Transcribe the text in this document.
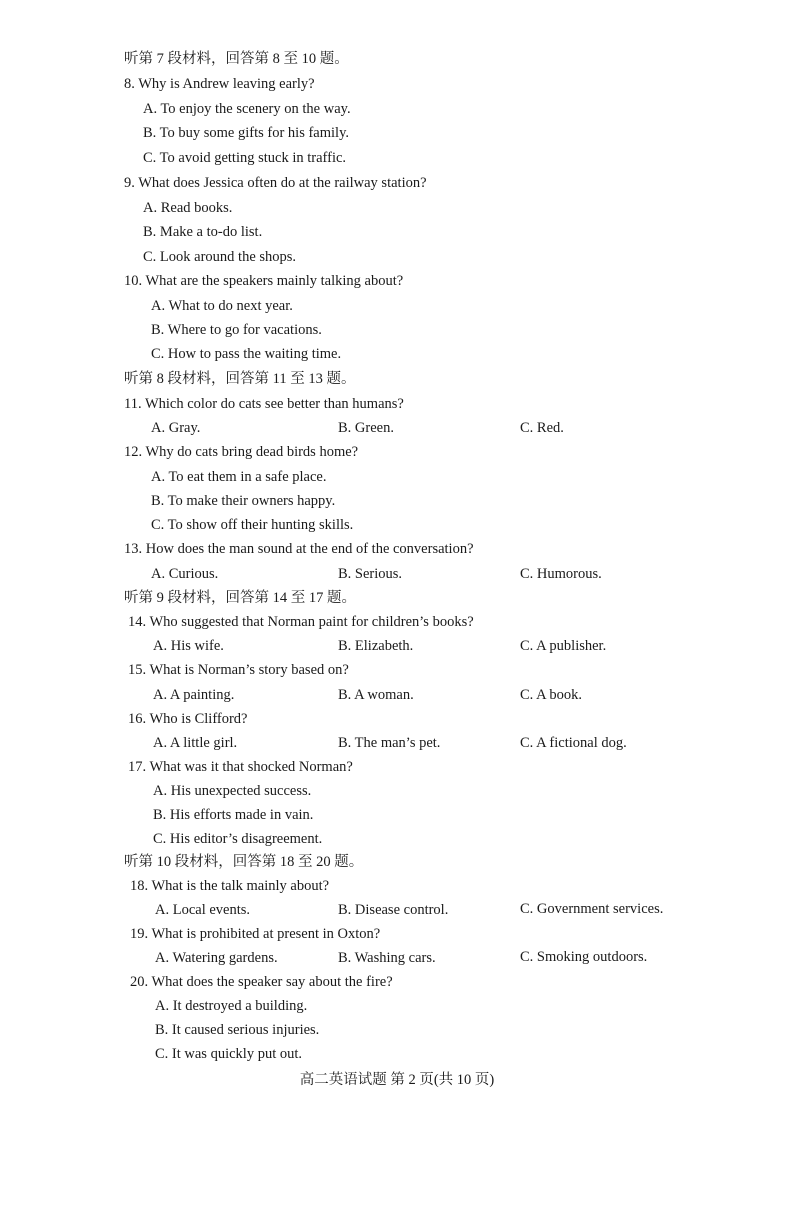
听第 7 段材料，回答第 8 至 10 题。
8. Why is Andrew leaving early?
A. To enjoy the scenery on the way.
B. To buy some gifts for his family.
C. To avoid getting stuck in traffic.
9. What does Jessica often do at the railway station?
A. Read books.
B. Make a to-do list.
C. Look around the shops.
10. What are the speakers mainly talking about?
A. What to do next year.
B. Where to go for vacations.
C. How to pass the waiting time.
听第 8 段材料，回答第 11 至 13 题。
11. Which color do cats see better than humans?
A. Gray.	B. Green.	C. Red.
12. Why do cats bring dead birds home?
A. To eat them in a safe place.
B. To make their owners happy.
C. To show off their hunting skills.
13. How does the man sound at the end of the conversation?
A. Curious.	B. Serious.	C. Humorous.
听第 9 段材料，回答第 14 至 17 题。
14. Who suggested that Norman paint for children’s books?
A. His wife.	B. Elizabeth.	C. A publisher.
15. What is Norman’s story based on?
A. A painting.	B. A woman.	C. A book.
16. Who is Clifford?
A. A little girl.	B. The man’s pet.	C. A fictional dog.
17. What was it that shocked Norman?
A. His unexpected success.
B. His efforts made in vain.
C. His editor’s disagreement.
听第 10 段材料，回答第 18 至 20 题。
18. What is the talk mainly about?
A. Local events.	B. Disease control.	C. Government services.
19. What is prohibited at present in Oxton?
A. Watering gardens.	B. Washing cars.	C. Smoking outdoors.
20. What does the speaker say about the fire?
A. It destroyed a building.
B. It caused serious injuries.
C. It was quickly put out.
高二英语试题 第 2 页(共 10 页)
